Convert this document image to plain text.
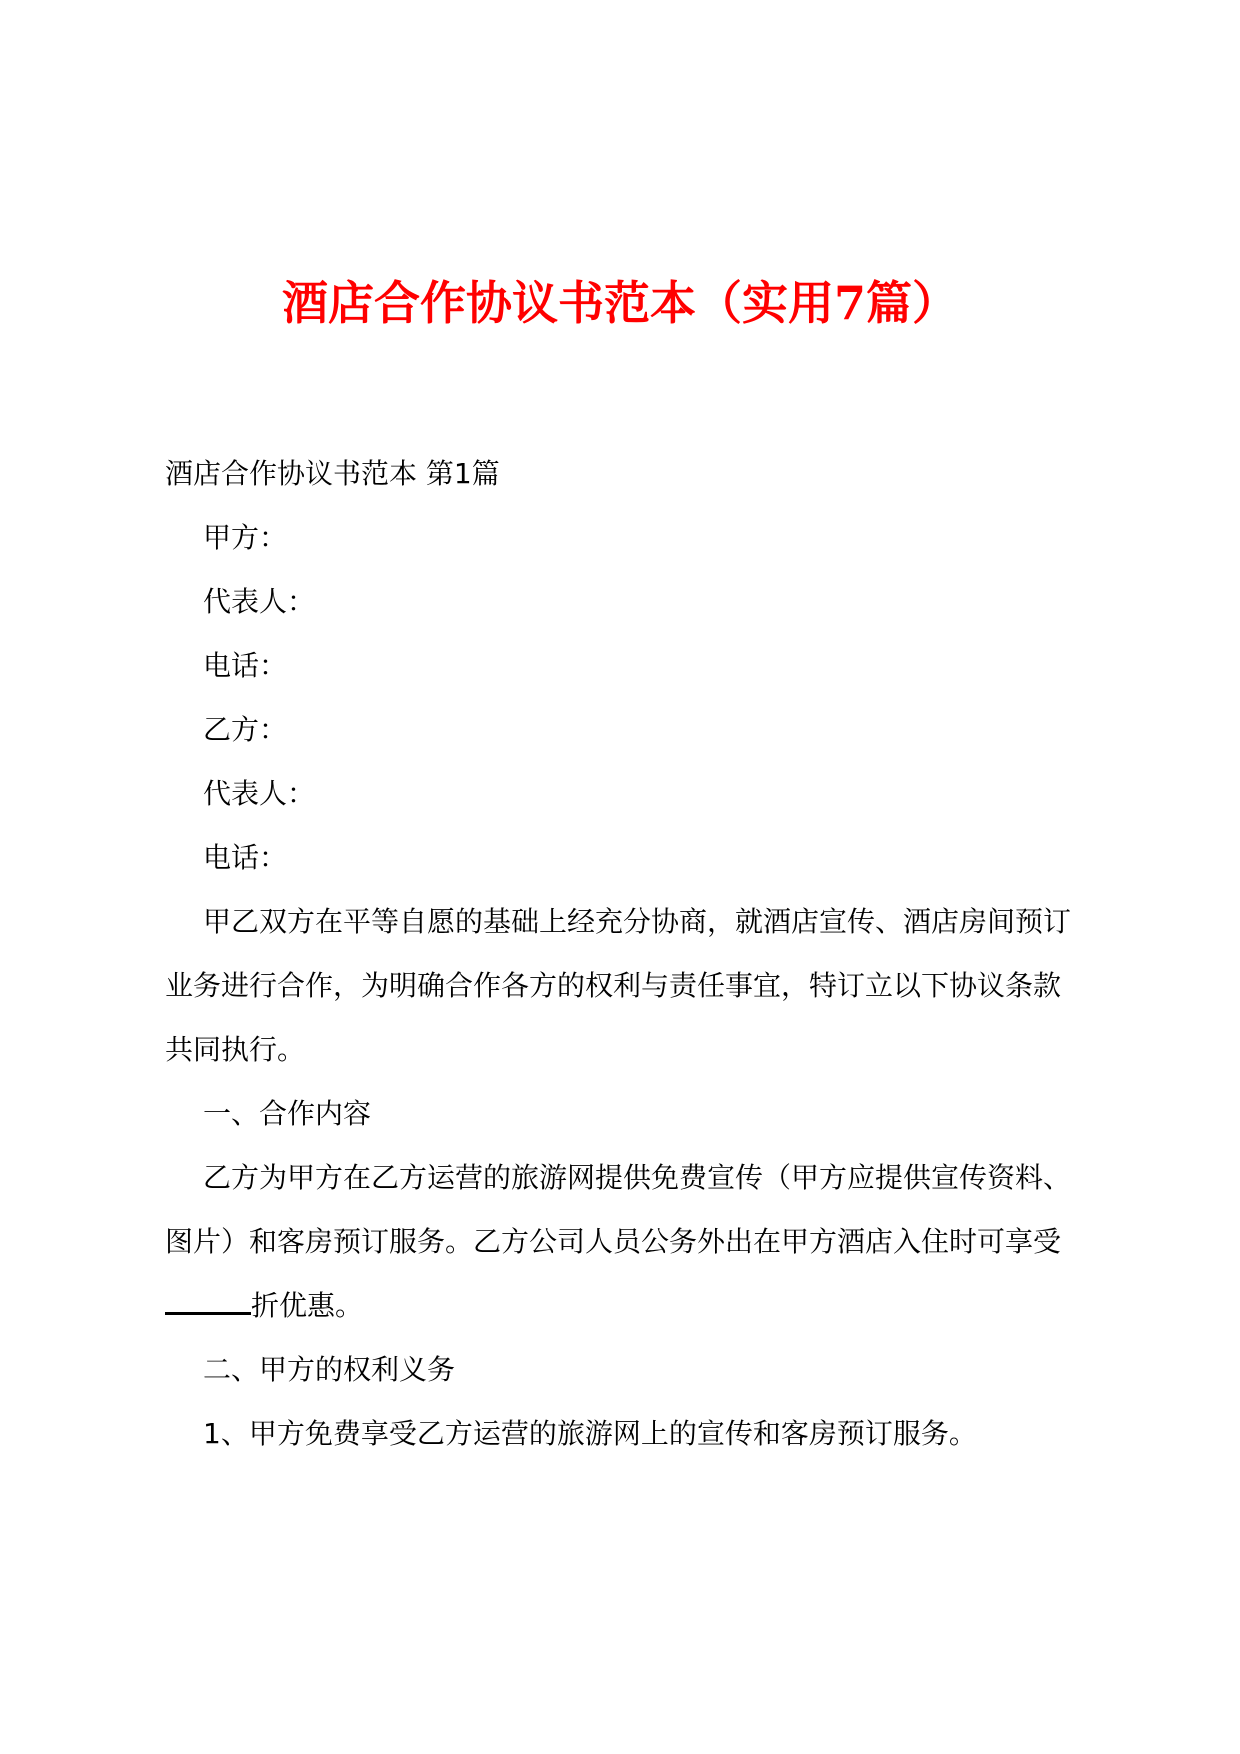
酒店合作协议书范本（实用7篇）

酒店合作协议书范本 第1篇

甲方：

代表人：

电话：

乙方：

代表人：

电话：

甲乙双方在平等自愿的基础上经充分协商，就酒店宣传、酒店房间预订业务进行合作，为明确合作各方的权利与责任事宜，特订立以下协议条款共同执行。

一、合作内容

乙方为甲方在乙方运营的旅游网提供免费宣传（甲方应提供宣传资料、图片）和客房预订服务。乙方公司人员公务外出在甲方酒店入住时可享受折优惠。

二、甲方的权利义务

1、甲方免费享受乙方运营的旅游网上的宣传和客房预订服务。
